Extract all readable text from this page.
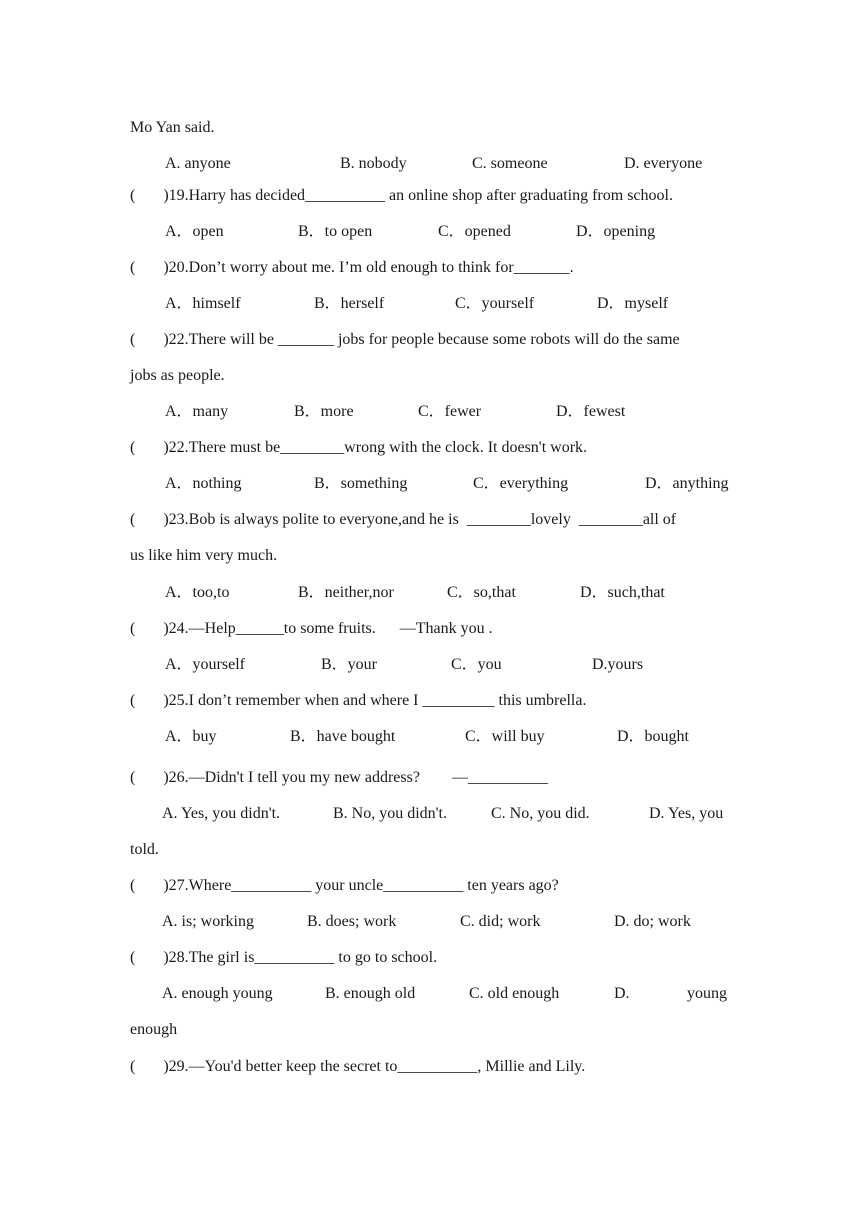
Mo Yan said.
A. anyone	B. nobody	C. someone	D. everyone
(       )19.Harry has decided__________ an online shop after graduating from school.
A．open	B．to open	C．opened	D．opening
(       )20.Don’t worry about me. I’m old enough to think for_______.
A．himself	B．herself	C．yourself	D．myself
(       )22.There will be _______ jobs for people because some robots will do the same
jobs as people.
A．many	B．more	C．fewer	D．fewest
(       )22.There must be________wrong with the clock. It doesn't work.
A．nothing	B．something	C．everything	D．anything
(       )23.Bob is always polite to everyone,and he is  ________lovely  ________all of
us like him very much.
A．too,to	B．neither,nor	C．so,that	D．such,that
(       )24.—Help______to some fruits.      —Thank you .
A．yourself	B．your	C．you	D.yours
(       )25.I don’t remember when and where I _________ this umbrella.
A．buy	B．have bought	C．will buy	D．bought
(       )26.—Didn't I tell you my new address?        —__________
A. Yes, you didn't.	B. No, you didn't.	C. No, you did.	D. Yes, you
told.
(       )27.Where__________ your uncle__________ ten years ago?
A. is; working	B. does; work	C. did; work	D. do; work
(       )28.The girl is__________ to go to school.
A. enough young	B. enough old	C. old enough	D.	young
enough
(       )29.—You'd better keep the secret to__________, Millie and Lily.
